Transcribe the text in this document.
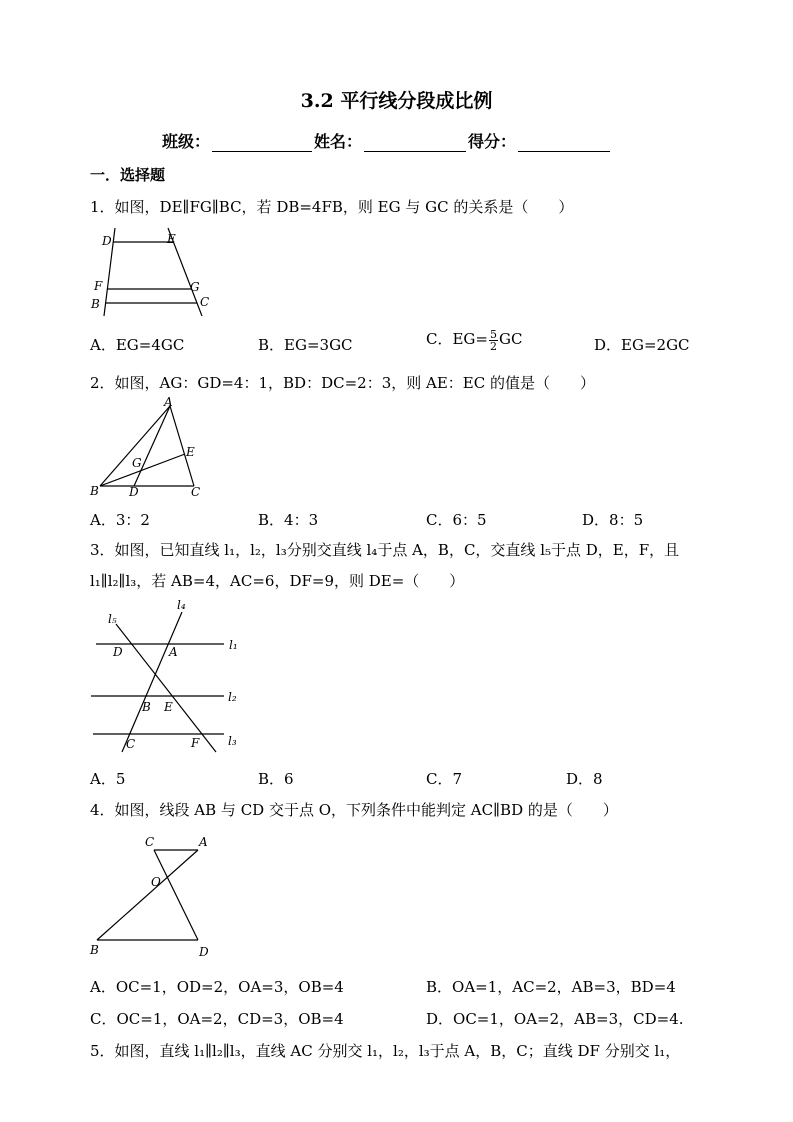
3.2 平行线分段成比例
班级：	姓名：	得分：
一．选择题
1．如图，DE∥FG∥BC，若 DB=4FB，则 EG 与 GC 的关系是（　　）
D	E
F	G
B	C
A．EG=4GC	B．EG=3GC	C．$EG= \frac{5}{2}$ GC	D．EG=2GC
2．如图，AG：GD=4：1，BD：DC=2：3，则 AE：EC 的值是（　　）
A
E
G
B	D	C
A．3：2	B．4：3	C．6：5	D．8：5
3．如图，已知直线 l₁，l₂，l₃分别交直线 l₄于点 A，B，C，交直线 l₅于点 D，E，F，且
l₁∥l₂∥l₃，若 AB=4，AC=6，DF=9，则 DE=（　　）
l₄
l₅
l₁
D	A
l₂
B E
l₃
C	F
A．5	B．6	C．7	D．8
4．如图，线段 AB 与 CD 交于点 O，下列条件中能判定 AC∥BD 的是（　　）
C	A
O
B	D
A．OC=1，OD=2，OA=3，OB=4	B．OA=1，AC=2，AB=3，BD=4
C．OC=1，OA=2，CD=3，OB=4	D．OC=1，OA=2，AB=3，CD=4.
5．如图，直线 l₁∥l₂∥l₃，直线 AC 分别交 l₁，l₂，l₃于点 A，B，C；直线 DF 分别交 l₁，
